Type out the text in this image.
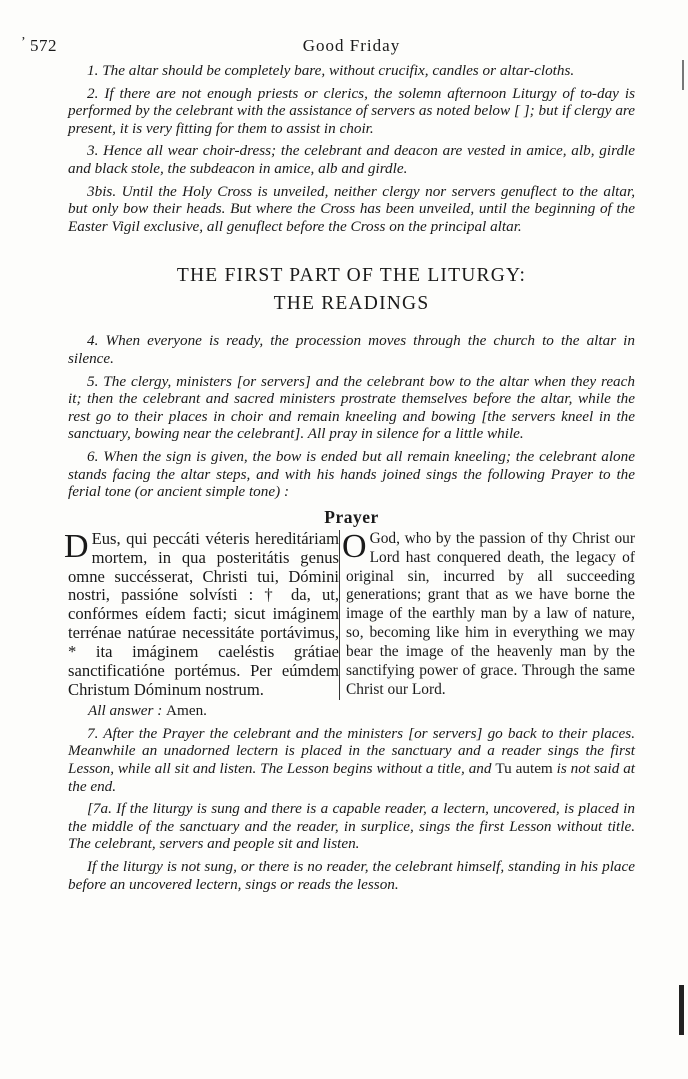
’ 572	Good Friday

1. The altar should be completely bare, without crucifix, candles or altar-cloths.

2. If there are not enough priests or clerics, the solemn afternoon Liturgy of to-day is performed by the celebrant with the assistance of servers as noted below [ ]; but if clergy are present, it is very fitting for them to assist in choir.

3. Hence all wear choir-dress; the celebrant and deacon are vested in amice, alb, girdle and black stole, the subdeacon in amice, alb and girdle.

3bis. Until the Holy Cross is unveiled, neither clergy nor servers genuflect to the altar, but only bow their heads. But where the Cross has been unveiled, until the beginning of the Easter Vigil exclusive, all genuflect before the Cross on the principal altar.

THE FIRST PART OF THE LITURGY:
THE READINGS

4. When everyone is ready, the procession moves through the church to the altar in silence.

5. The clergy, ministers [or servers] and the celebrant bow to the altar when they reach it; then the celebrant and sacred ministers prostrate themselves before the altar, while the rest go to their places in choir and remain kneeling and bowing [the servers kneel in the sanctuary, bowing near the celebrant]. All pray in silence for a little while.

6. When the sign is given, the bow is ended but all remain kneeling; the celebrant alone stands facing the altar steps, and with his hands joined sings the following Prayer to the ferial tone (or ancient simple tone) :

Prayer
D Eus, qui peccáti véteris hereditáriam mortem, in qua posteritátis genus omne succésserat, Christi tui, Dómini nostri, passióne solvísti : † da, ut, confórmes eídem facti; sicut imáginem terrénae natúrae necessitáte portávimus, * ita imáginem caeléstis grátiae sanctificatióne portémus. Per eúmdem Christum Dóminum nostrum.
O God, who by the passion of thy Christ our Lord hast conquered death, the legacy of original sin, incurred by all succeeding generations; grant that as we have borne the image of the earthly man by a law of nature, so, becoming like him in everything we may bear the image of the heavenly man by the sanctifying power of grace. Through the same Christ our Lord.
All answer : Amen.

7. After the Prayer the celebrant and the ministers [or servers] go back to their places. Meanwhile an unadorned lectern is placed in the sanctuary and a reader sings the first Lesson, while all sit and listen. The Lesson begins without a title, and Tu autem is not said at the end.

[7a. If the liturgy is sung and there is a capable reader, a lectern, uncovered, is placed in the middle of the sanctuary and the reader, in surplice, sings the first Lesson without title. The celebrant, servers and people sit and listen.

If the liturgy is not sung, or there is no reader, the celebrant himself, standing in his place before an uncovered lectern, sings or reads the lesson.
